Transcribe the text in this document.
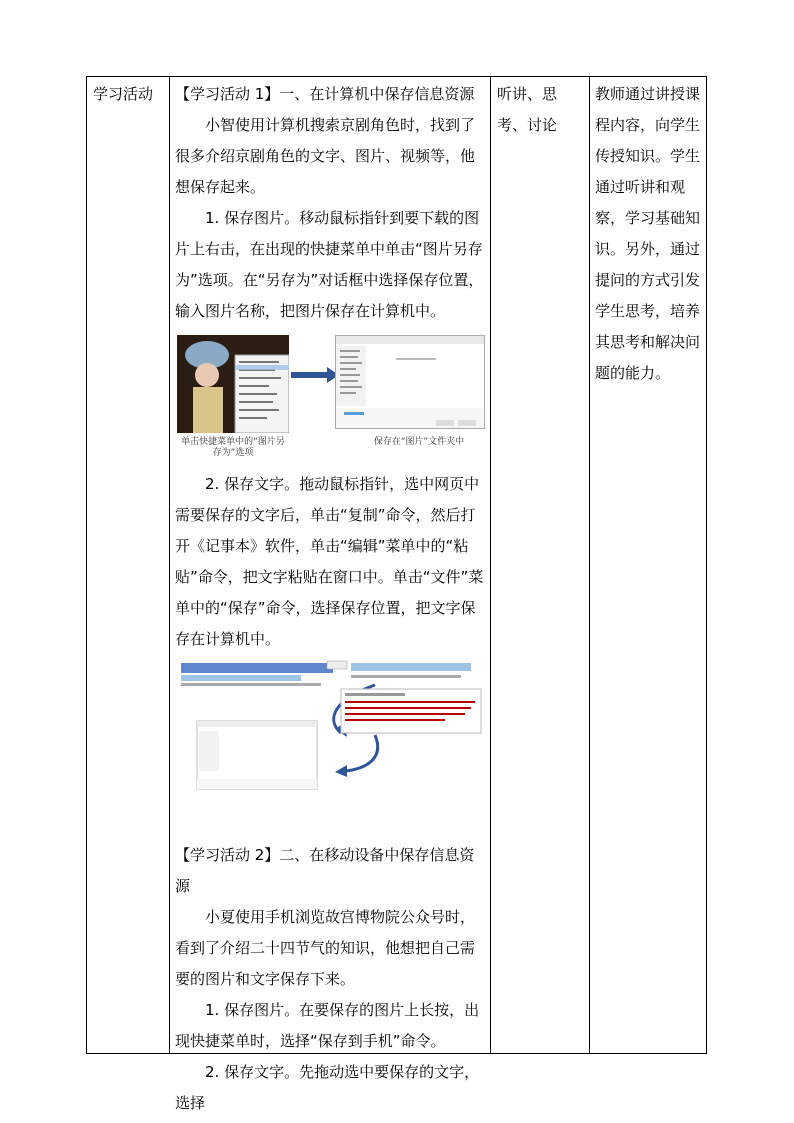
学习活动 【学习活动 1】一、在计算机中保存信息资源

小智使用计算机搜索京剧角色时，找到了很多介绍京剧角色的文字、图片、视频等，他想保存起来。

1. 保存图片。移动鼠标指针到要下载的图片上右击，在出现的快捷菜单中单击“图片另存为”选项。在“另存为”对话框中选择保存位置，输入图片名称，把图片保存在计算机中。

单击快捷菜单中的“图片另存为”选项
保存在“图片”文件夹中

2. 保存文字。拖动鼠标指针，选中网页中需要保存的文字后，单击“复制”命令，然后打开《记事本》软件，单击“编辑”菜单中的“粘贴”命令，把文字粘贴在窗口中。单击“文件”菜单中的“保存”命令，选择保存位置，把文字保存在计算机中。

【学习活动 2】二、在移动设备中保存信息资源

小夏使用手机浏览故宫博物院公众号时，看到了介绍二十四节气的知识，他想把自己需要的图片和文字保存下来。

1. 保存图片。在要保存的图片上长按，出现快捷菜单时，选择“保存到手机”命令。

2. 保存文字。先拖动选中要保存的文字，选择

听讲、思考、讨论
教师通过讲授课程内容，向学生传授知识。学生通过听讲和观察，学习基础知识。另外，通过提问的方式引发学生思考，培养其思考和解决问题的能力。
